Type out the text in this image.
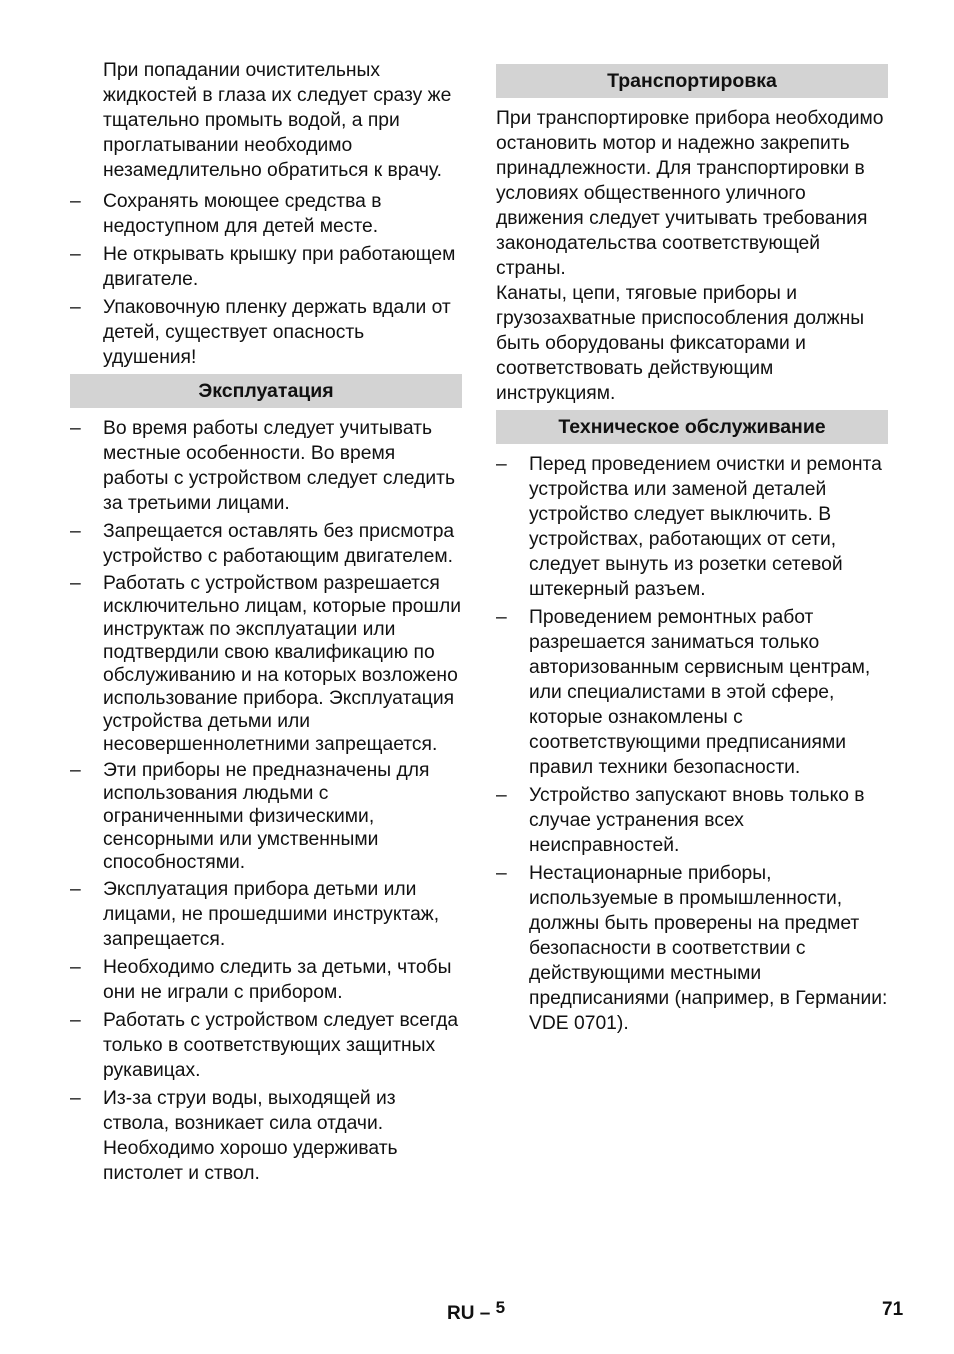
При попадании очистительных жидкостей в глаза их следует сразу же тщательно промыть водой, а при проглатывании необходимо незамедлительно обратиться к врачу.

– Сохранять моющее средства в недоступном для детей месте.
– Не открывать крышку при работающем двигателе.
– Упаковочную пленку держать вдали от детей, существует опасность удушения!
Эксплуатация
– Во время работы следует учитывать местные особенности. Во время работы с устройством следует следить за третьими лицами.
– Запрещается оставлять без присмотра устройство с работающим двигателем.
– Работать с устройством разрешается исключительно лицам, которые прошли инструктаж по эксплуатации или подтвердили свою квалификацию по обслуживанию и на которых возложено использование прибора. Эксплуатация устройства детьми или несовершеннолетними запрещается.
– Эти приборы не предназначены для использования людьми с ограниченными физическими, сенсорными или умственными способностями.
– Эксплуатация прибора детьми или лицами, не прошедшими инструктаж, запрещается.
– Необходимо следить за детьми, чтобы они не играли с прибором.
– Работать с устройством следует всегда только в соответствующих защитных рукавицах.
– Из-за струи воды, выходящей из ствола, возникает сила отдачи. Необходимо хорошо удерживать пистолет и ствол.
Транспортировка

При транспортировке прибора необходимо остановить мотор и надежно закрепить принадлежности. Для транспортировки в условиях общественного уличного движения следует учитывать требования законодательства соответствующей страны.

Канаты, цепи, тяговые приборы и грузозахватные приспособления должны быть оборудованы фиксаторами и соответствовать действующим инструкциям.

Техническое обслуживание
– Перед проведением очистки и ремонта устройства или заменой деталей устройство следует выключить. В устройствах, работающих от сети, следует вынуть из розетки сетевой штекерный разъем.
– Проведением ремонтных работ разрешается заниматься только авторизованным сервисным центрам, или специалистами в этой сфере, которые ознакомлены с соответствующими предписаниями правил техники безопасности.
– Устройство запускают вновь только в случае устранения всех неисправностей.
– Нестационарные приборы, используемые в промышленности, должны быть проверены на предмет безопасности в соответствии с действующими местными предписаниями (например, в Германии: VDE 0701).
RU – $^5$	71
